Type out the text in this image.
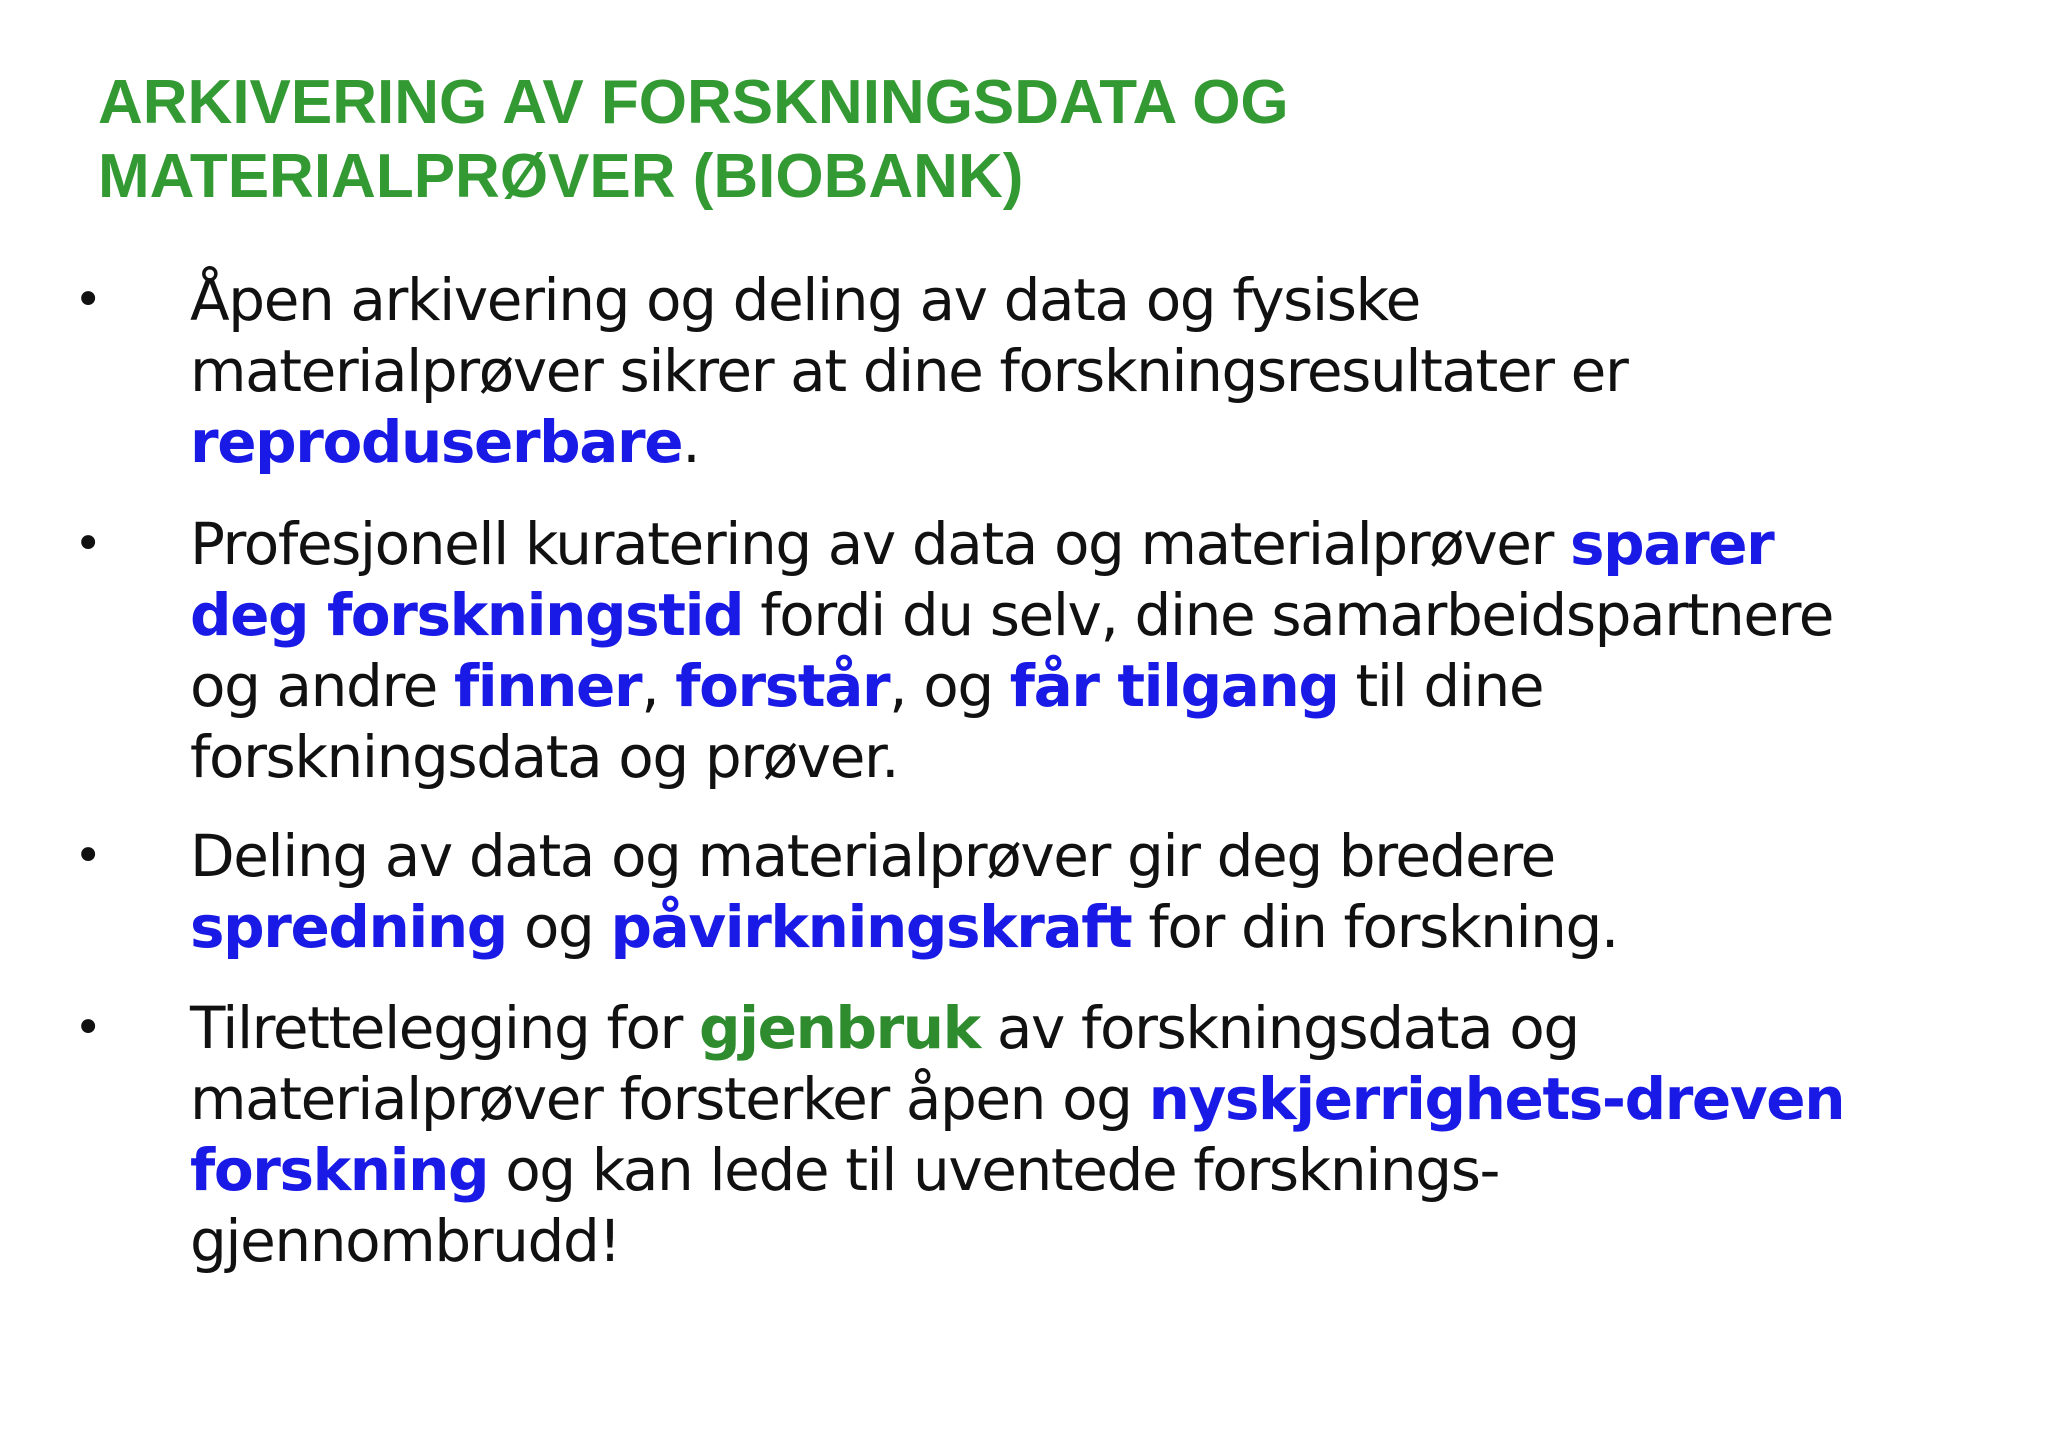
ARKIVERING AV FORSKNINGSDATA OG
MATERIALPRØVER (BIOBANK)
• Åpen arkivering og deling av data og fysiske
materialprøver sikrer at dine forskningsresultater er
reproduserbare.
• Profesjonell kuratering av data og materialprøver sparer
deg forskningstid fordi du selv, dine samarbeidspartnere
og andre finner, forstår, og får tilgang til dine
forskningsdata og prøver.
• Deling av data og materialprøver gir deg bredere
spredning og påvirkningskraft for din forskning.
• Tilrettelegging for gjenbruk av forskningsdata og
materialprøver forsterker åpen og nyskjerrighets-dreven
forskning og kan lede til uventede forsknings-
gjennombrudd!
